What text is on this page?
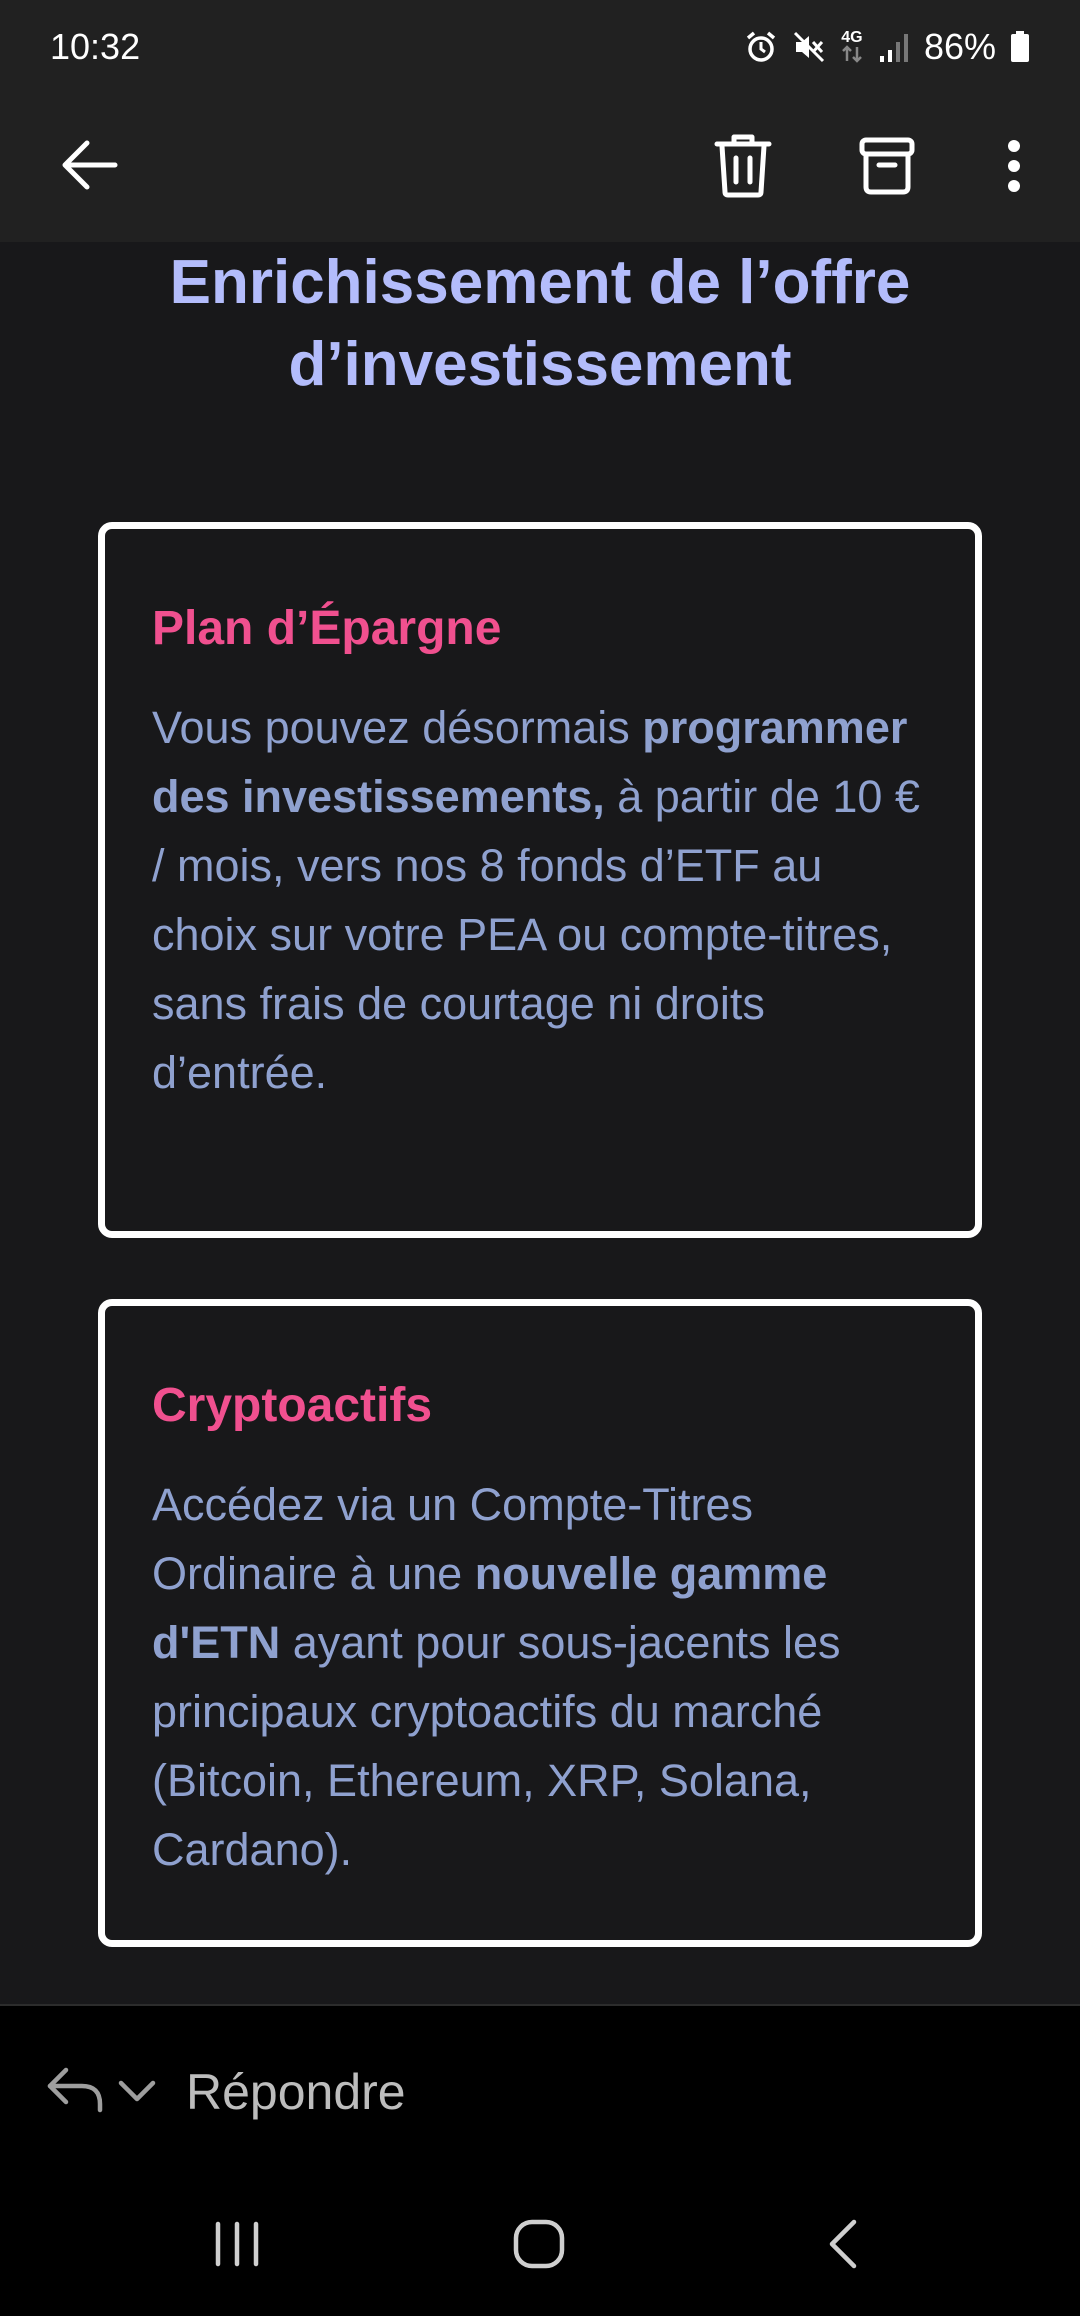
10:32	4G 86%
Enrichissement de l’offre d’investissement
Plan d’Épargne
Vous pouvez désormais programmer des investissements, à partir de 10 € / mois, vers nos 8 fonds d’ETF au choix sur votre PEA ou compte-titres, sans frais de courtage ni droits d’entrée.
Cryptoactifs
Accédez via un Compte-Titres Ordinaire à une nouvelle gamme d'ETN ayant pour sous-jacents les principaux cryptoactifs du marché (Bitcoin, Ethereum, XRP, Solana, Cardano).
Répondre
